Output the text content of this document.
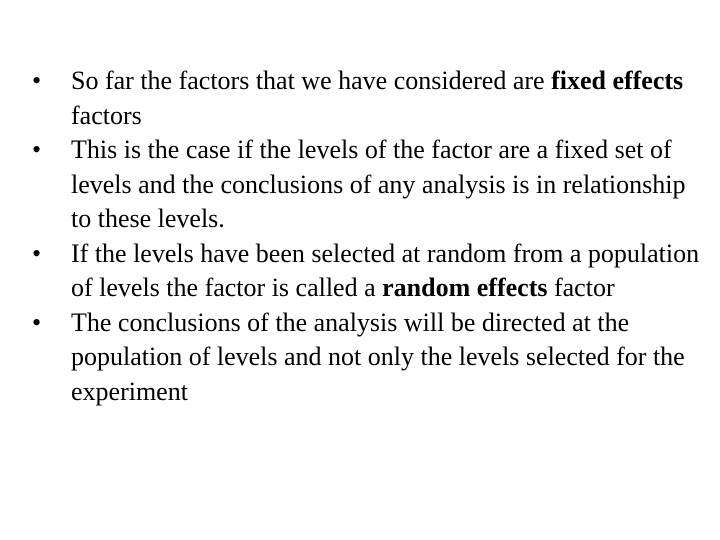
•
So far the factors that we have considered are fixed effects factors
•
This is the case if the levels of the factor are a fixed set of levels and the conclusions of any analysis is in relationship to these levels.
•
If the levels have been selected at random from a population of levels the factor is called a random effects factor
•
The conclusions of the analysis will be directed at the population of levels and not only the levels selected for the experiment
